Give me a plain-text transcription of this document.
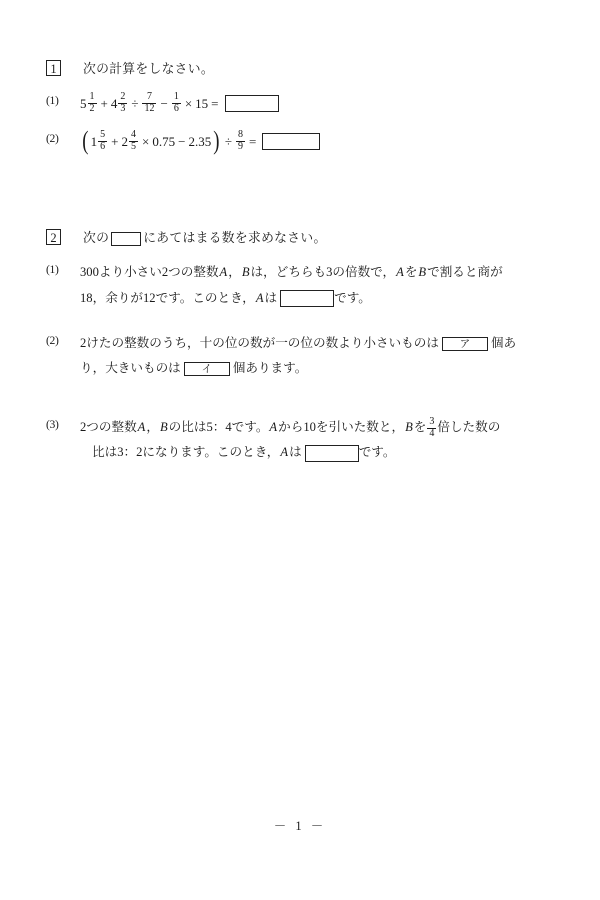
1	次の計算をしなさい。
(1)	$5 \frac{1}{2} + 4 \frac{2}{3} \div \frac{7}{12} - \frac{1}{6} \times 15$ =
(2) ( $1 \frac{5}{6} + 2 \frac{4}{5} \times 0.75 - 2.35$ ) ÷ $\frac{8}{9}$ =
2	次の	にあてはまる数を求めなさい。
(1)	300より小さい2つの整数A，Bは，どちらも3の倍数で，AをBで割ると商が
18，余りが12です。このとき，Aは	です。
(2)	2けたの整数のうち，十の位の数が一の位の数より小さいものは ア 個あ
り，大きいものは イ 個あります。
(3)	2つの整数A，Bの比は5：4です。Aから10を引いた数と，Bを $\frac{3}{4}$ 倍した数の
比は3：2になります。このとき，Aは	です。
－ 1 －
